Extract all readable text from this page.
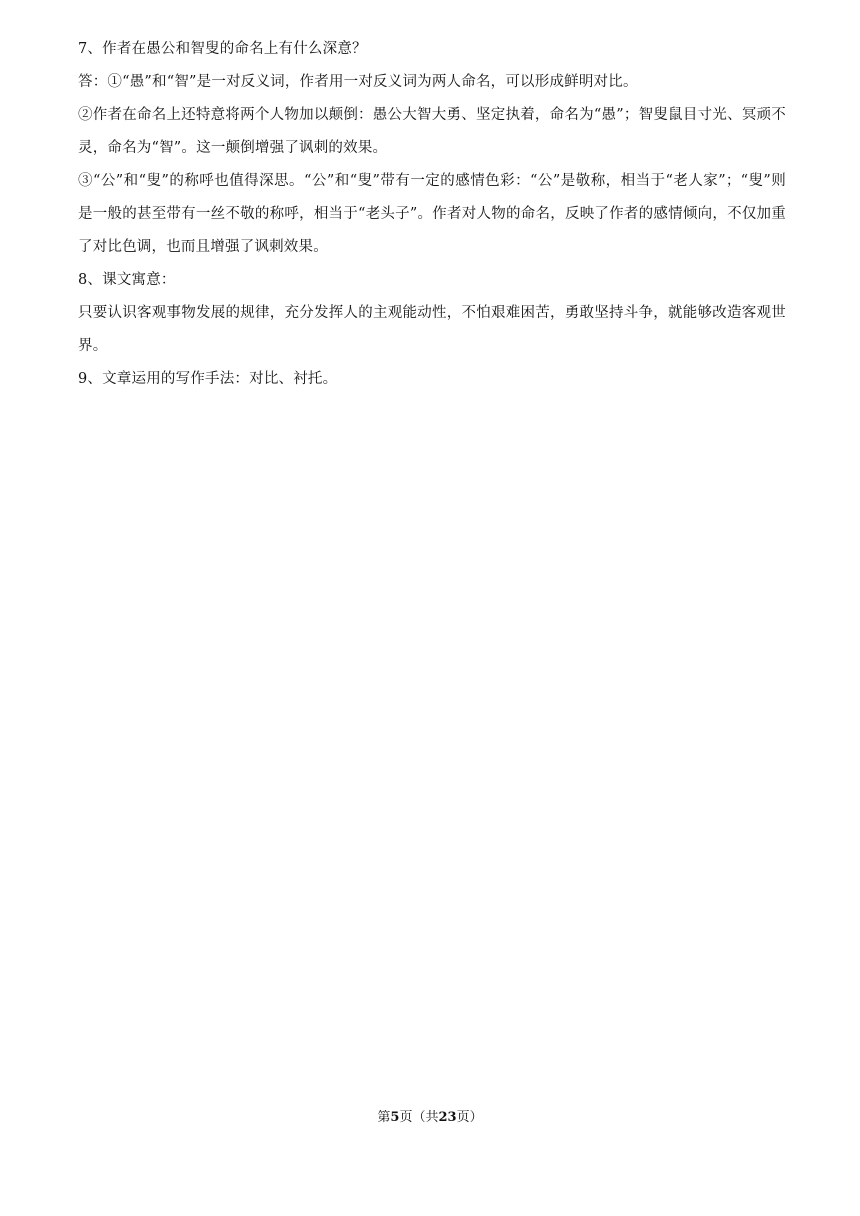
7、作者在愚公和智叟的命名上有什么深意？

答：①“愚”和“智”是一对反义词，作者用一对反义词为两人命名，可以形成鲜明对比。

②作者在命名上还特意将两个人物加以颠倒：愚公大智大勇、坚定执着，命名为“愚”；智叟鼠目寸光、冥顽不灵，命名为“智”。这一颠倒增强了讽刺的效果。

③“公”和“叟”的称呼也值得深思。“公”和“叟”带有一定的感情色彩：“公”是敬称，相当于“老人家”；“叟”则是一般的甚至带有一丝不敬的称呼，相当于“老头子”。作者对人物的命名，反映了作者的感情倾向，不仅加重了对比色调，也而且增强了讽刺效果。

8、课文寓意：

只要认识客观事物发展的规律，充分发挥人的主观能动性，不怕艰难困苦，勇敢坚持斗争，就能够改造客观世界。

9、文章运用的写作手法：对比、衬托。

第5页（共23页）
